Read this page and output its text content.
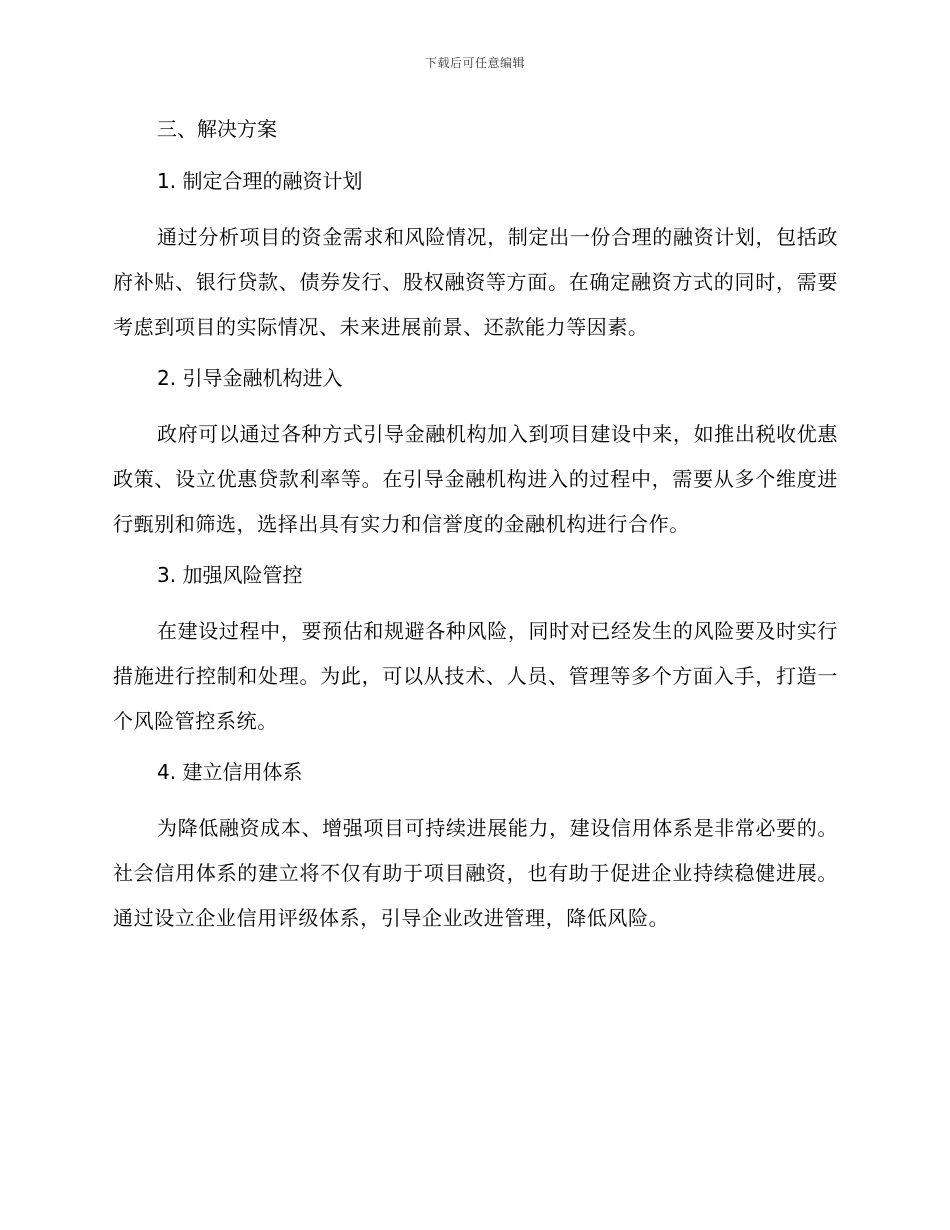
下载后可任意编辑
三、解决方案
1. 制定合理的融资计划

通过分析项目的资金需求和风险情况，制定出一份合理的融资计划，包括政府补贴、银行贷款、债券发行、股权融资等方面。在确定融资方式的同时，需要考虑到项目的实际情况、未来进展前景、还款能力等因素。

2. 引导金融机构进入

政府可以通过各种方式引导金融机构加入到项目建设中来，如推出税收优惠政策、设立优惠贷款利率等。在引导金融机构进入的过程中，需要从多个维度进行甄别和筛选，选择出具有实力和信誉度的金融机构进行合作。

3. 加强风险管控

在建设过程中，要预估和规避各种风险，同时对已经发生的风险要及时实行措施进行控制和处理。为此，可以从技术、人员、管理等多个方面入手，打造一个风险管控系统。

4. 建立信用体系

为降低融资成本、增强项目可持续进展能力，建设信用体系是非常必要的。社会信用体系的建立将不仅有助于项目融资，也有助于促进企业持续稳健进展。通过设立企业信用评级体系，引导企业改进管理，降低风险。
